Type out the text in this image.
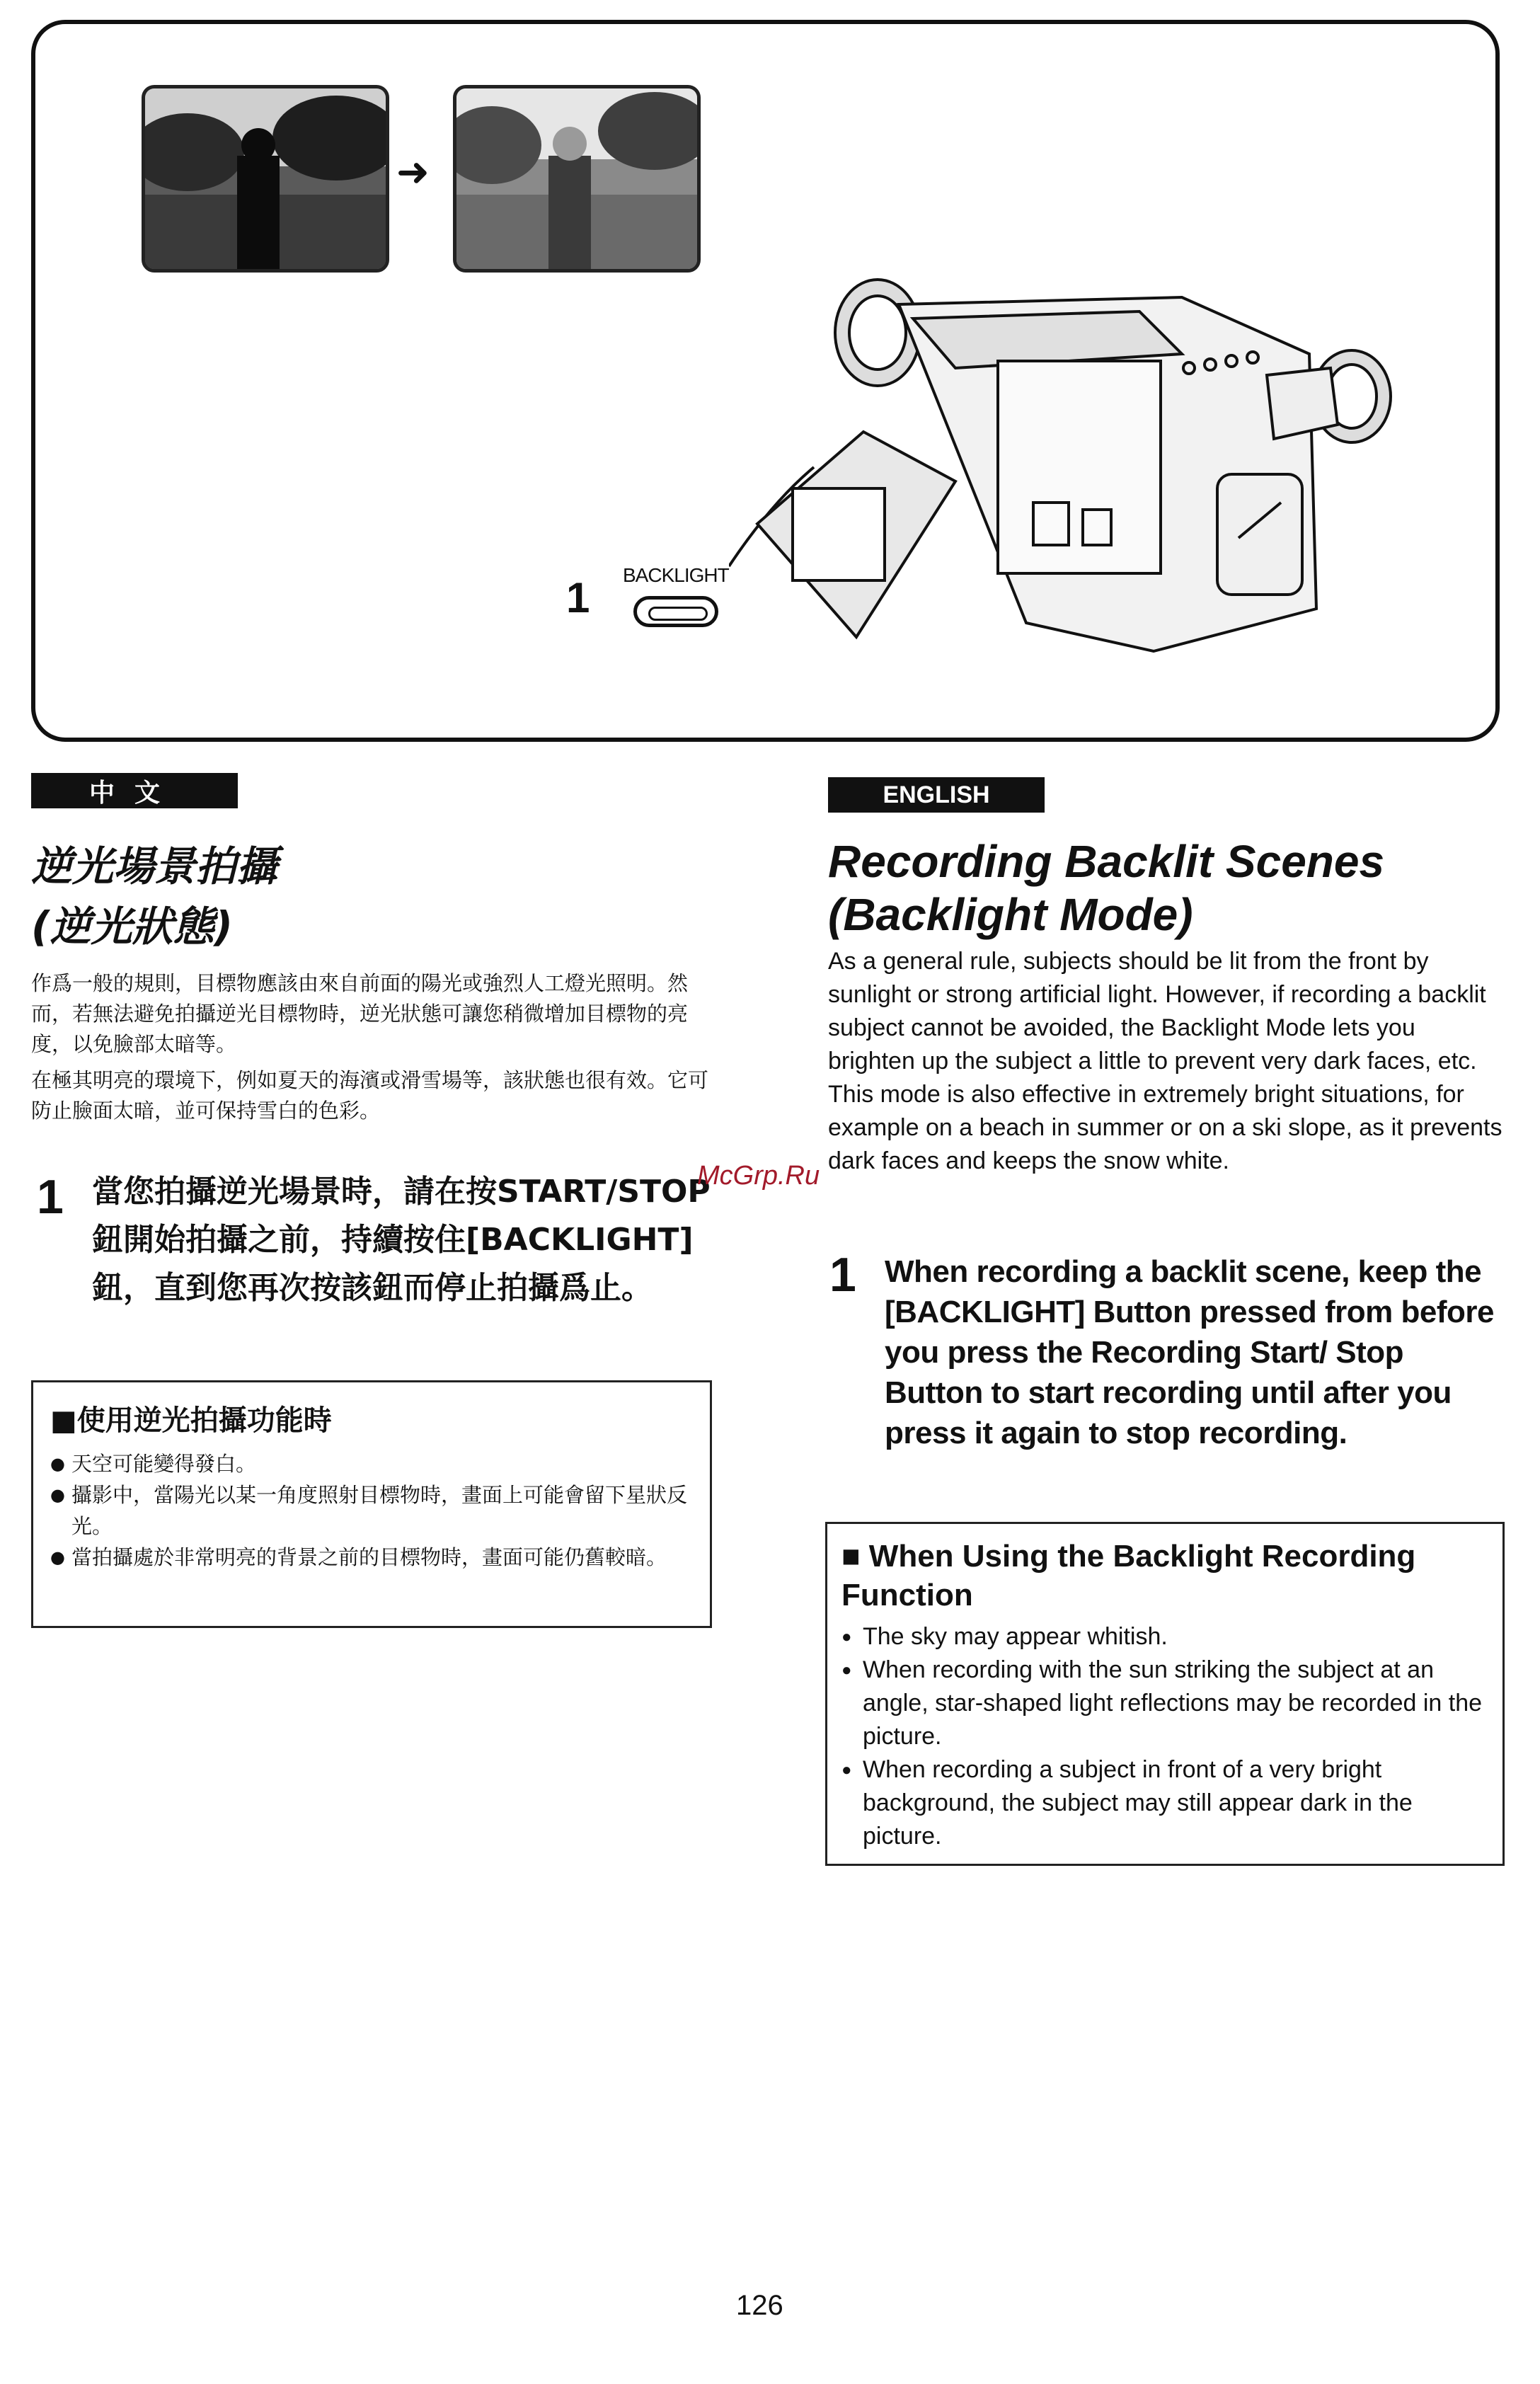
➜
1 BACKLIGHT
中文
逆光場景拍攝
(逆光狀態)

作爲一般的規則，目標物應該由來自前面的陽光或強烈人工燈光照明。然而，若無法避免拍攝逆光目標物時，逆光狀態可讓您稍微增加目標物的亮度，以免臉部太暗等。

在極其明亮的環境下，例如夏天的海濱或滑雪場等，該狀態也很有效。它可防止臉面太暗，並可保持雪白的色彩。

1 當您拍攝逆光場景時，請在按START/STOP鈕開始拍攝之前，持續按住[BACKLIGHT]鈕，直到您再次按該鈕而停止拍攝爲止。

■使用逆光拍攝功能時
● 天空可能變得發白。
● 攝影中，當陽光以某一角度照射目標物時，畫面上可能會留下星狀反光。
● 當拍攝處於非常明亮的背景之前的目標物時，畫面可能仍舊較暗。
ENGLISH
Recording Backlit Scenes
(Backlight Mode)

As a general rule, subjects should be lit from the front by sunlight or strong artificial light. However, if recording a backlit subject cannot be avoided, the Backlight Mode lets you brighten up the subject a little to prevent very dark faces, etc. This mode is also effective in extremely bright situations, for example on a beach in summer or on a ski slope, as it prevents dark faces and keeps the snow white.

1 When recording a backlit scene, keep the [BACKLIGHT] Button pressed from before you press the Recording Start/ Stop Button to start recording until after you press it again to stop recording.

■ When Using the Backlight Recording Function
● The sky may appear whitish.
● When recording with the sun striking the subject at an angle, star-shaped light reflections may be recorded in the picture.
● When recording a subject in front of a very bright background, the subject may still appear dark in the picture.
McGrp.Ru
126
